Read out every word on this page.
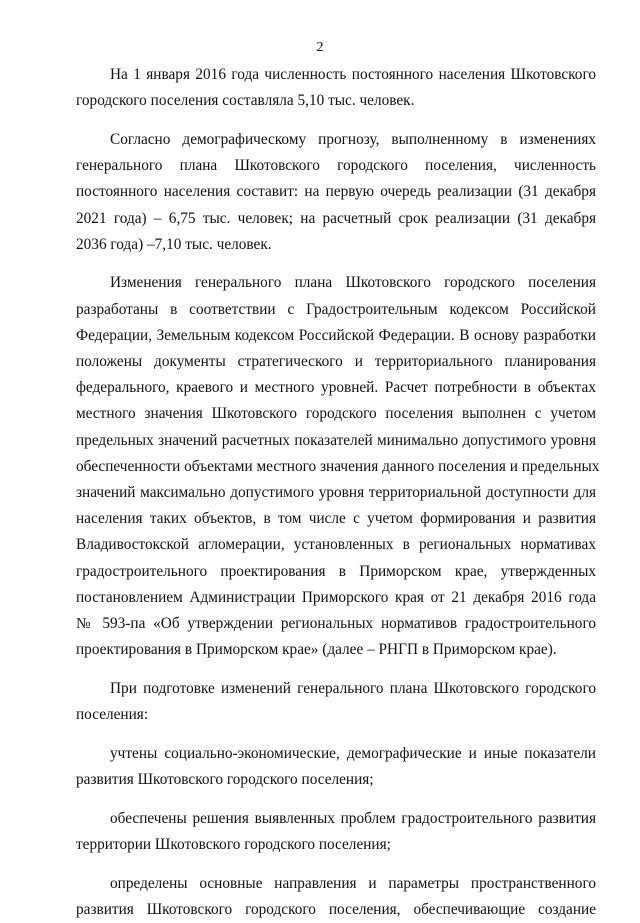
2
На 1 января 2016 года численность постоянного населения Шкотовского
городского поселения составляла 5,10 тыс. человек.
Согласно демографическому прогнозу, выполненному в изменениях
генерального плана Шкотовского городского поселения, численность
постоянного населения составит: на первую очередь реализации (31 декабря
2021 года) – 6,75 тыс. человек; на расчетный срок реализации (31 декабря
2036 года) –7,10 тыс. человек.
Изменения генерального плана Шкотовского городского поселения
разработаны в соответствии с Градостроительным кодексом Российской
Федерации, Земельным кодексом Российской Федерации. В основу разработки
положены документы стратегического и территориального планирования
федерального, краевого и местного уровней. Расчет потребности в объектах
местного значения Шкотовского городского поселения выполнен с учетом
предельных значений расчетных показателей минимально допустимого уровня
обеспеченности объектами местного значения данного поселения и предельных
значений максимально допустимого уровня территориальной доступности для
населения таких объектов, в том числе с учетом формирования и развития
Владивостокской агломерации, установленных в региональных нормативах
градостроительного проектирования в Приморском крае, утвержденных
постановлением Администрации Приморского края от 21 декабря 2016 года
№ 593-па «Об утверждении региональных нормативов градостроительного
проектирования в Приморском крае» (далее – РНГП в Приморском крае).
При подготовке изменений генерального плана Шкотовского городского
поселения:
учтены социально-экономические, демографические и иные показатели
развития Шкотовского городского поселения;
обеспечены решения выявленных проблем градостроительного развития
территории Шкотовского городского поселения;
определены основные направления и параметры пространственного
развития Шкотовского городского поселения, обеспечивающие создание
